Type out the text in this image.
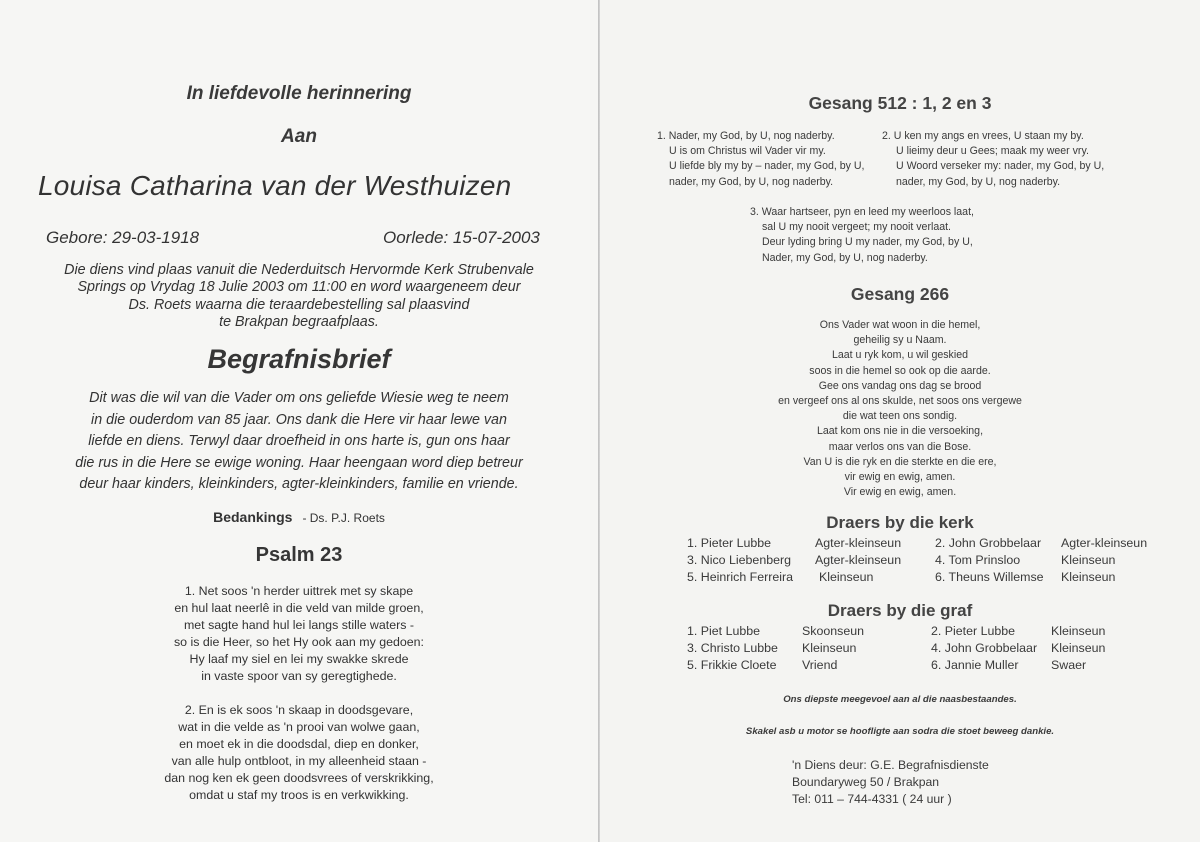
In liefdevolle herinnering
Aan
Louisa Catharina van der Westhuizen
Gebore: 29-03-1918	Oorlede: 15-07-2003
Die diens vind plaas vanuit die Nederduitsch Hervormde Kerk Strubenvale
Springs op Vrydag 18 Julie 2003 om 11:00 en word waargeneem deur
Ds. Roets waarna die teraardebestelling sal plaasvind
te Brakpan begraafplaas.
Begrafnisbrief
Dit was die wil van die Vader om ons geliefde Wiesie weg te neem
in die ouderdom van 85 jaar. Ons dank die Here vir haar lewe van
liefde en diens. Terwyl daar droefheid in ons harte is, gun ons haar
die rus in die Here se ewige woning. Haar heengaan word diep betreur
deur haar kinders, kleinkinders, agter-kleinkinders, familie en vriende.
Bedankings - Ds. P.J. Roets
Psalm 23
1. Net soos 'n herder uittrek met sy skape
en hul laat neerlê in die veld van milde groen,
met sagte hand hul lei langs stille waters -
so is die Heer, so het Hy ook aan my gedoen:
Hy laaf my siel en lei my swakke skrede
in vaste spoor van sy geregtighede.
2. En is ek soos 'n skaap in doodsgevare,
wat in die velde as 'n prooi van wolwe gaan,
en moet ek in die doodsdal, diep en donker,
van alle hulp ontbloot, in my alleenheid staan -
dan nog ken ek geen doodsvrees of verskrikking,
omdat u staf my troos is en verkwikking.
Gesang 512 : 1, 2 en 3
1. Nader, my God, by U, nog naderby.
U is om Christus wil Vader vir my.
U liefde bly my by – nader, my God, by U,
nader, my God, by U, nog naderby.
2. U ken my angs en vrees, U staan my by.
U lieimy deur u Gees; maak my weer vry.
U Woord verseker my: nader, my God, by U,
nader, my God, by U, nog naderby.
3. Waar hartseer, pyn en leed my weerloos laat,
sal U my nooit vergeet; my nooit verlaat.
Deur lyding bring U my nader, my God, by U,
Nader, my God, by U, nog naderby.
Gesang 266
Ons Vader wat woon in die hemel,
geheilig sy u Naam.
Laat u ryk kom, u wil geskied
soos in die hemel so ook op die aarde.
Gee ons vandag ons dag se brood
en vergeef ons al ons skulde, net soos ons vergewe
die wat teen ons sondig.
Laat kom ons nie in die versoeking,
maar verlos ons van die Bose.
Van U is die ryk en die sterkte en die ere,
vir ewig en ewig, amen.
Vir ewig en ewig, amen.
Draers by die kerk
1. Pieter Lubbe	Agter-kleinseun	2. John Grobbelaar Agter-kleinseun
3. Nico Liebenberg Agter-kleinseun	4. Tom Prinsloo	Kleinseun
5. Heinrich Ferreira Kleinseun	6. Theuns Willemse Kleinseun
Draers by die graf
1. Piet Lubbe	Skoonseun	2. Pieter Lubbe	Kleinseun
3. Christo Lubbe Kleinseun	4. John Grobbelaar Kleinseun
5. Frikkie Cloete Vriend	6. Jannie Muller	Swaer
Ons diepste meegevoel aan al die naasbestaandes.
Skakel asb u motor se hoofligte aan sodra die stoet beweeg dankie.
'n Diens deur: G.E. Begrafnisdienste
Boundaryweg 50 / Brakpan
Tel: 011 – 744-4331 ( 24 uur )
